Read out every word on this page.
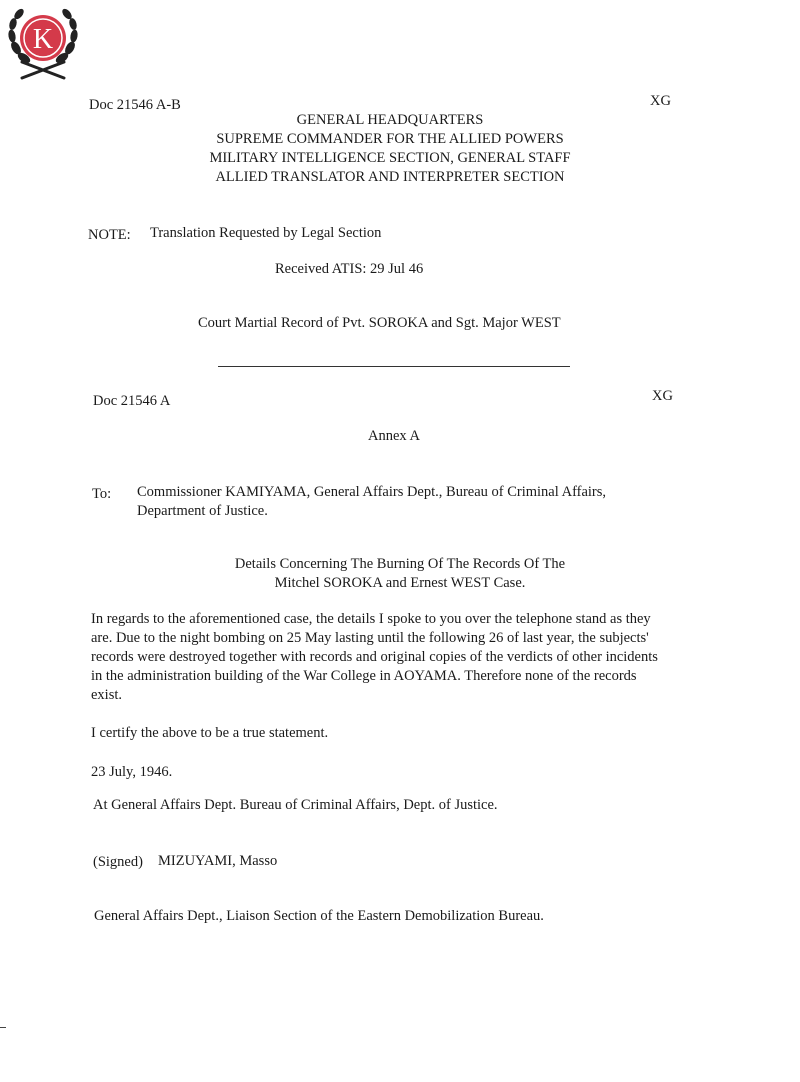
K
Doc 21546 A-B	XG
GENERAL HEADQUARTERS
SUPREME COMMANDER FOR THE ALLIED POWERS
MILITARY INTELLIGENCE SECTION, GENERAL STAFF
ALLIED TRANSLATOR AND INTERPRETER SECTION
NOTE: Translation Requested by Legal Section
Received ATIS: 29 Jul 46
Court Martial Record of Pvt. SOROKA and Sgt. Major WEST
Doc 21546 A	XG
Annex A
To: Commissioner KAMIYAMA, General Affairs Dept., Bureau of Criminal Affairs,
Department of Justice.
Details Concerning The Burning Of The Records Of The
Mitchel SOROKA and Ernest WEST Case.
In regards to the aforementioned case, the details I spoke to you over the telephone stand as they
are. Due to the night bombing on 25 May lasting until the following 26 of last year, the subjects'
records were destroyed together with records and original copies of the verdicts of other incidents
in the administration building of the War College in AOYAMA. Therefore none of the records
exist.
I certify the above to be a true statement.
23 July, 1946.
At General Affairs Dept. Bureau of Criminal Affairs, Dept. of Justice.
(Signed) MIZUYAMI, Masso
General Affairs Dept., Liaison Section of the Eastern Demobilization Bureau.
